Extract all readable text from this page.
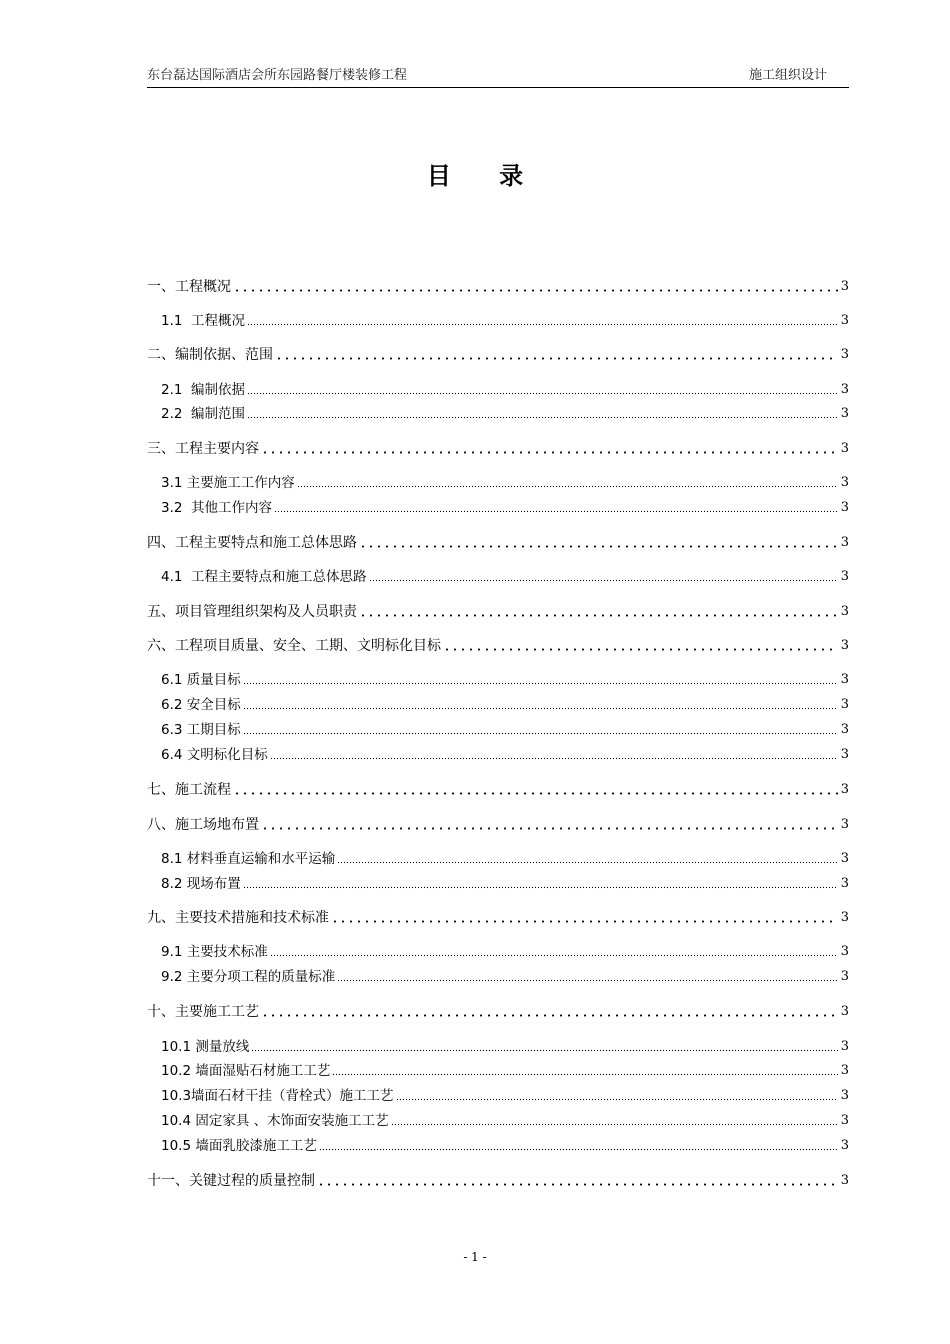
东台磊达国际酒店会所东园路餐厅楼装修工程	施工组织设计
目 录
一、工程概况	3
1.1  工程概况	3
二、编制依据、范围	3
2.1  编制依据	3
2.2  编制范围	3
三、工程主要内容	3
3.1 主要施工工作内容	3
3.2  其他工作内容	3
四、工程主要特点和施工总体思路	3
4.1  工程主要特点和施工总体思路	3
五、项目管理组织架构及人员职责	3
六、工程项目质量、安全、工期、文明标化目标	3
6.1 质量目标	3
6.2 安全目标	3
6.3 工期目标	3
6.4 文明标化目标	3
七、施工流程	3
八、施工场地布置	3
8.1 材料垂直运输和水平运输	3
8.2 现场布置	3
九、主要技术措施和技术标准	3
9.1 主要技术标准	3
9.2 主要分项工程的质量标准	3
十、主要施工工艺	3
10.1 测量放线	3
10.2 墙面湿贴石材施工工艺	3
10.3墙面石材干挂（背栓式）施工工艺	3
10.4 固定家具 、木饰面安装施工工艺	3
10.5 墙面乳胶漆施工工艺	3
十一、关键过程的质量控制	3
- 1 -
